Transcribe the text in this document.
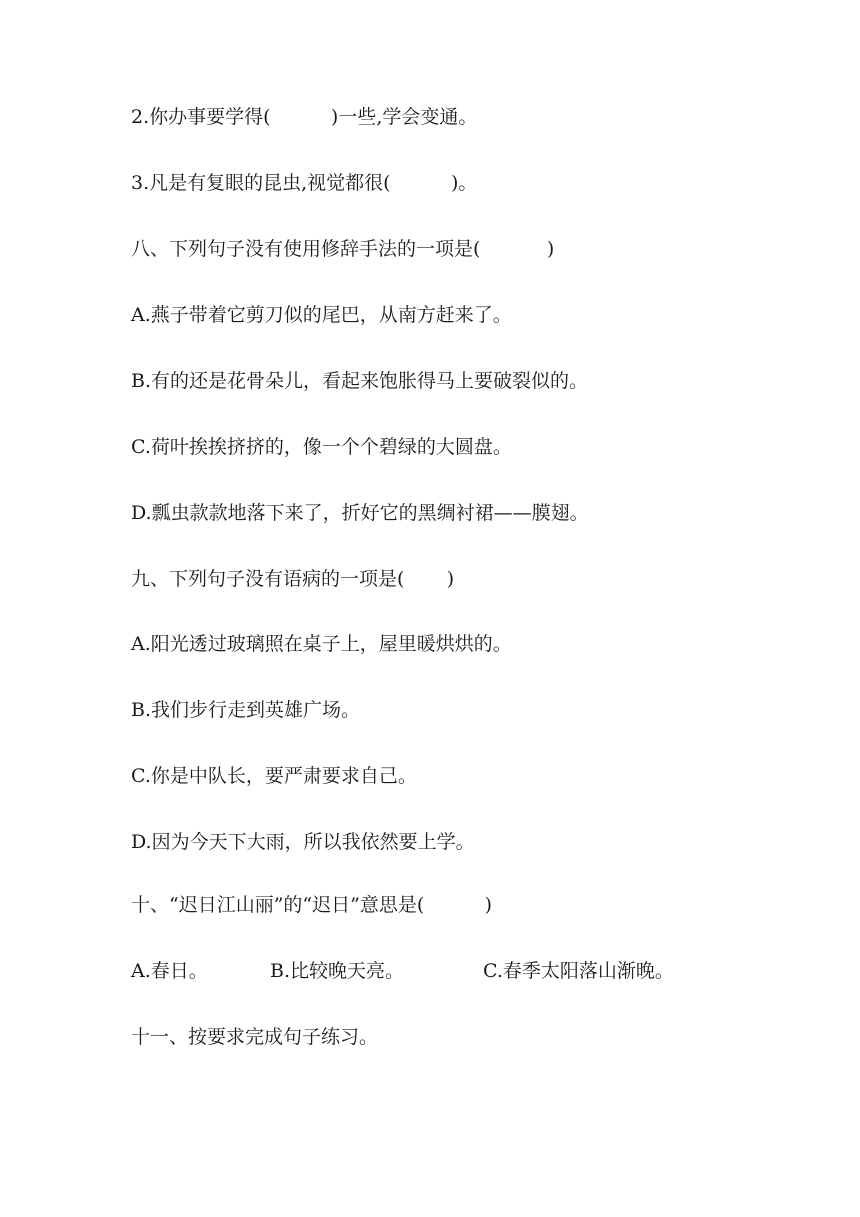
2.你办事要学得(          )一些,学会变通。

3.凡是有复眼的昆虫,视觉都很(          )。

八、下列句子没有使用修辞手法的一项是(           )

A.燕子带着它剪刀似的尾巴，从南方赶来了。

B.有的还是花骨朵儿，看起来饱胀得马上要破裂似的。

C.荷叶挨挨挤挤的，像一个个碧绿的大圆盘。

D.瓢虫款款地落下来了，折好它的黑绸衬裙——膜翅。

九、下列句子没有语病的一项是(       )

A.阳光透过玻璃照在桌子上，屋里暖烘烘的。

B.我们步行走到英雄广场。

C.你是中队长，要严肃要求自己。

D.因为今天下大雨，所以我依然要上学。

十、“迟日江山丽”的“迟日”意思是(          )

A.春日。	B.比较晚天亮。	C.春季太阳落山渐晚。

十一、按要求完成句子练习。
